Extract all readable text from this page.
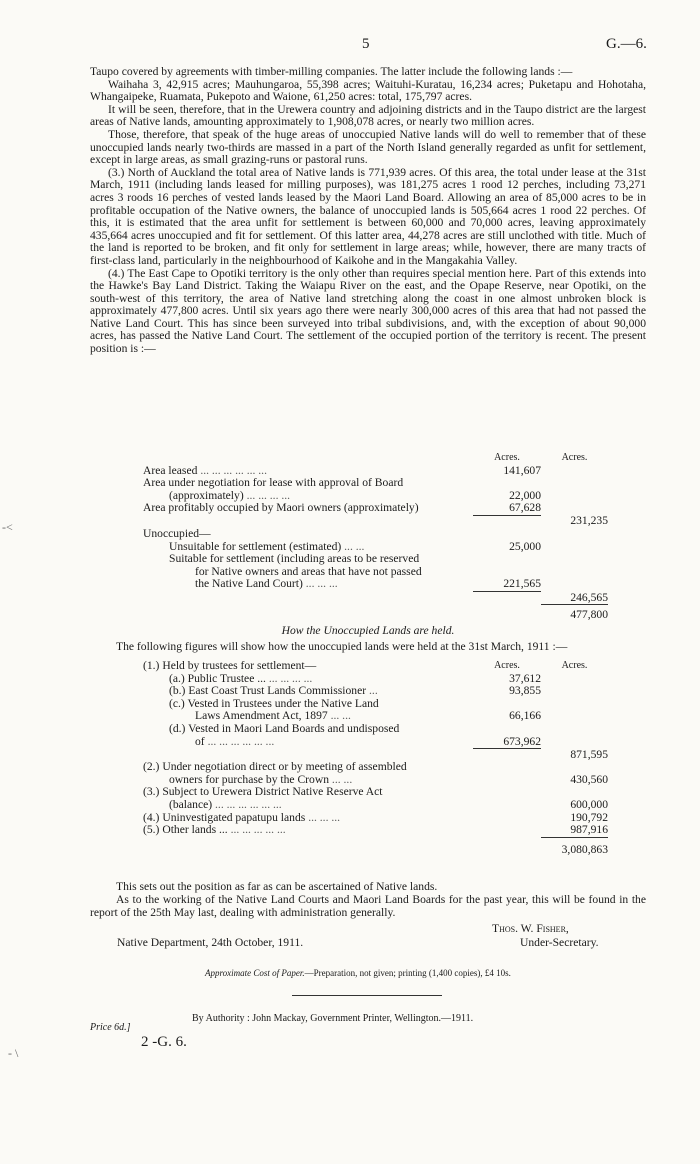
5	G.—6.

Taupo covered by agreements with timber-milling companies. The latter include the following lands :—

Waihaha 3, 42,915 acres; Mauhungaroa, 55,398 acres; Waituhi-Kuratau, 16,234 acres; Puketapu and Hohotaha, Whangaipeke, Ruamata, Pukepoto and Waione, 61,250 acres: total, 175,797 acres.

It will be seen, therefore, that in the Urewera country and adjoining districts and in the Taupo district are the largest areas of Native lands, amounting approximately to 1,908,078 acres, or nearly two million acres.

Those, therefore, that speak of the huge areas of unoccupied Native lands will do well to remember that of these unoccupied lands nearly two-thirds are massed in a part of the North Island generally regarded as unfit for settlement, except in large areas, as small grazing-runs or pastoral runs.

(3.) North of Auckland the total area of Native lands is 771,939 acres. Of this area, the total under lease at the 31st March, 1911 (including lands leased for milling purposes), was 181,275 acres 1 rood 12 perches, including 73,271 acres 3 roods 16 perches of vested lands leased by the Maori Land Board. Allowing an area of 85,000 acres to be in profitable occupation of the Native owners, the balance of unoccupied lands is 505,664 acres 1 rood 22 perches. Of this, it is estimated that the area unfit for settlement is between 60,000 and 70,000 acres, leaving approximately 435,664 acres unoccupied and fit for settlement. Of this latter area, 44,278 acres are still unclothed with title. Much of the land is reported to be broken, and fit only for settlement in large areas; while, however, there are many tracts of first-class land, particularly in the neighbourhood of Kaikohe and in the Mangakahia Valley.

(4.) The East Cape to Opotiki territory is the only other than requires special mention here. Part of this extends into the Hawke's Bay Land District. Taking the Waiapu River on the east, and the Opape Reserve, near Opotiki, on the south-west of this territory, the area of Native land stretching along the coast in one almost unbroken block is approximately 477,800 acres. Until six years ago there were nearly 300,000 acres of this area that had not passed the Native Land Court. This has since been surveyed into tribal subdivisions, and, with the exception of about 90,000 acres, has passed the Native Land Court. The settlement of the occupied portion of the territory is recent. The present position is :—

	Acres.	Acres.
Area leased ... ... ... ... ... ...	141,607	
Area under negotiation for lease with approval of Board		
(approximately) ... ... ... ...	22,000	
Area profitably occupied by Maori owners (approximately)	67,628	
		231,235
Unoccupied—		
Unsuitable for settlement (estimated) ... ...	25,000	
Suitable for settlement (including areas to be reserved		
for Native owners and areas that have not passed		
the Native Land Court) ... ... ...	221,565	
		246,565
		477,800
How the Unoccupied Lands are held.

The following figures will show how the unoccupied lands were held at the 31st March, 1911 :—

(1.) Held by trustees for settlement—	Acres.	Acres.
(a.) Public Trustee ... ... ... ... ...	37,612	
(b.) East Coast Trust Lands Commissioner ...	93,855	
(c.) Vested in Trustees under the Native Land		
Laws Amendment Act, 1897 ... ...	66,166	
(d.) Vested in Maori Land Boards and undisposed		
of ... ... ... ... ... ...	673,962	
		871,595
(2.) Under negotiation direct or by meeting of assembled		
owners for purchase by the Crown ... ...		430,560
(3.) Subject to Urewera District Native Reserve Act		
(balance) ... ... ... ... ... ...		600,000
(4.) Uninvestigated papatupu lands ... ... ...		190,792
(5.) Other lands ... ... ... ... ... ...		987,916
		3,080,863

This sets out the position as far as can be ascertained of Native lands.

As to the working of the Native Land Courts and Maori Land Boards for the past year, this will be found in the report of the 25th May last, dealing with administration generally.

Thos. W. Fisher,
Native Department, 24th October, 1911.	Under-Secretary.
Approximate Cost of Paper.—Preparation, not given; printing (1,400 copies), £4 10s.
By Authority : John Mackay, Government Printer, Wellington.—1911.
Price 6d.]
2 -G. 6.
-<
- \
